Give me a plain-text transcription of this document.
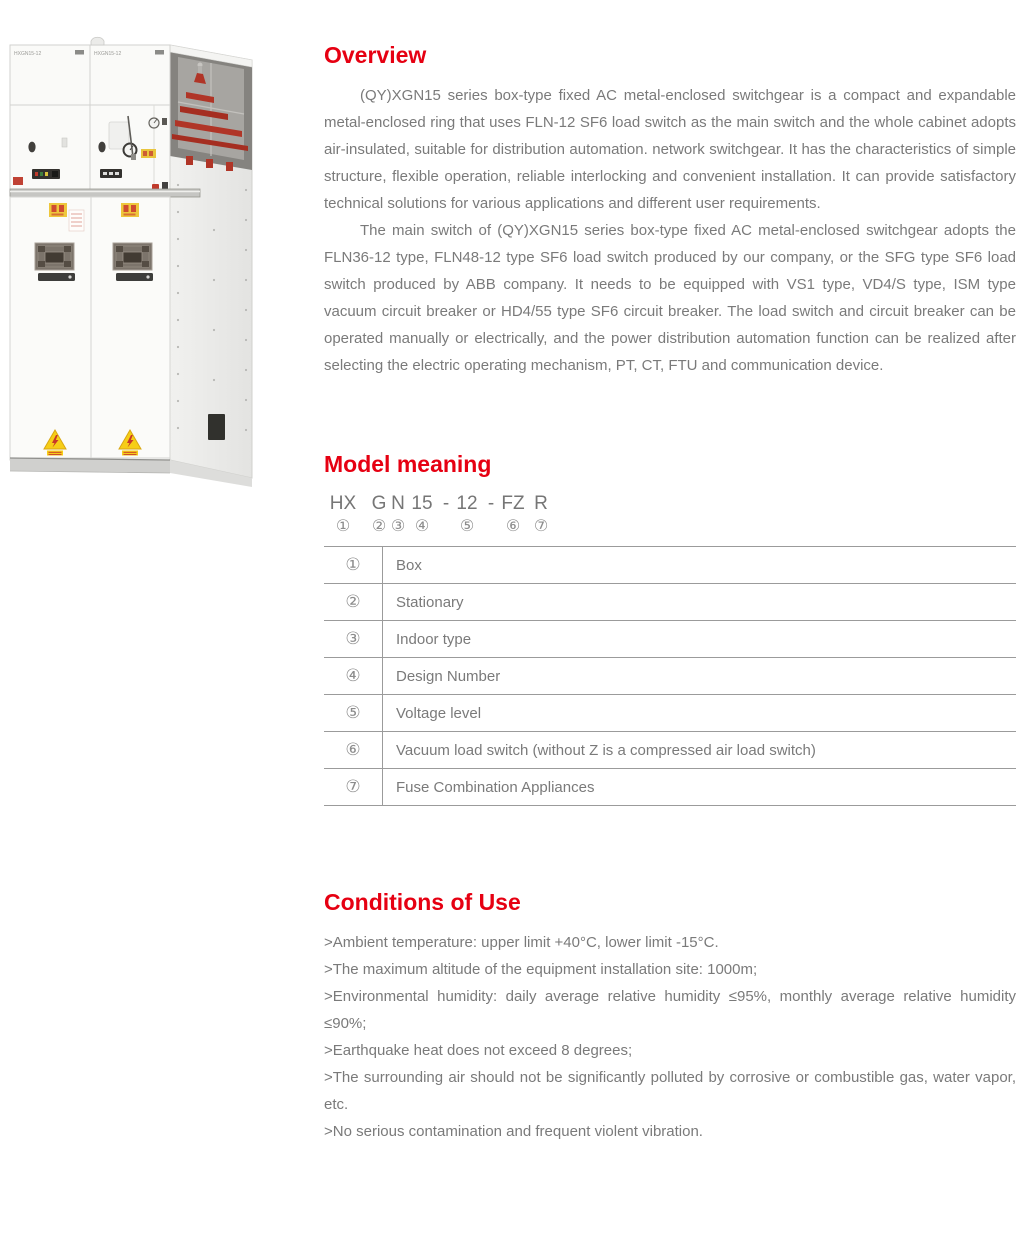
HXGN15-12	HXGN15-12	Overview

(QY)XGN15 series box-type fixed AC metal-enclosed switchgear is a compact and expandable metal-enclosed ring that uses FLN-12 SF6 load switch as the main switch and the whole cabinet adopts air-insulated, suitable for distribution automation. network switchgear. It has the characteristics of simple structure, flexible operation, reliable interlocking and convenient installation. It can provide satisfactory technical solutions for various applications and different user requirements.

The main switch of (QY)XGN15 series box-type fixed AC metal-enclosed switchgear adopts the FLN36-12 type, FLN48-12 type SF6 load switch produced by our company, or the SFG type SF6 load switch produced by ABB company. It needs to be equipped with VS1 type, VD4/S type, ISM type vacuum circuit breaker or HD4/55 type SF6 circuit breaker. The load switch and circuit breaker can be operated manually or electrically, and the power distribution automation function can be realized after selecting the electric operating mechanism, PT, CT, FTU and communication device.

Model meaning
HX
①
G
②
N
③
15
④
- 12
⑤
- FZ
⑥
R
⑦
①	Box
②	Stationary
③	Indoor type
④	Design Number
⑤	Voltage level
⑥	Vacuum load switch (without Z is a compressed air load switch)
⑦	Fuse Combination Appliances
Conditions of Use

>Ambient temperature: upper limit +40°C, lower limit -15°C.

>The maximum altitude of the equipment installation site: 1000m;

>Environmental humidity: daily average relative humidity ≤95%, monthly average relative humidity ≤90%;

>Earthquake heat does not exceed 8 degrees;

>The surrounding air should not be significantly polluted by corrosive or combustible gas, water vapor, etc.

>No serious contamination and frequent violent vibration.
